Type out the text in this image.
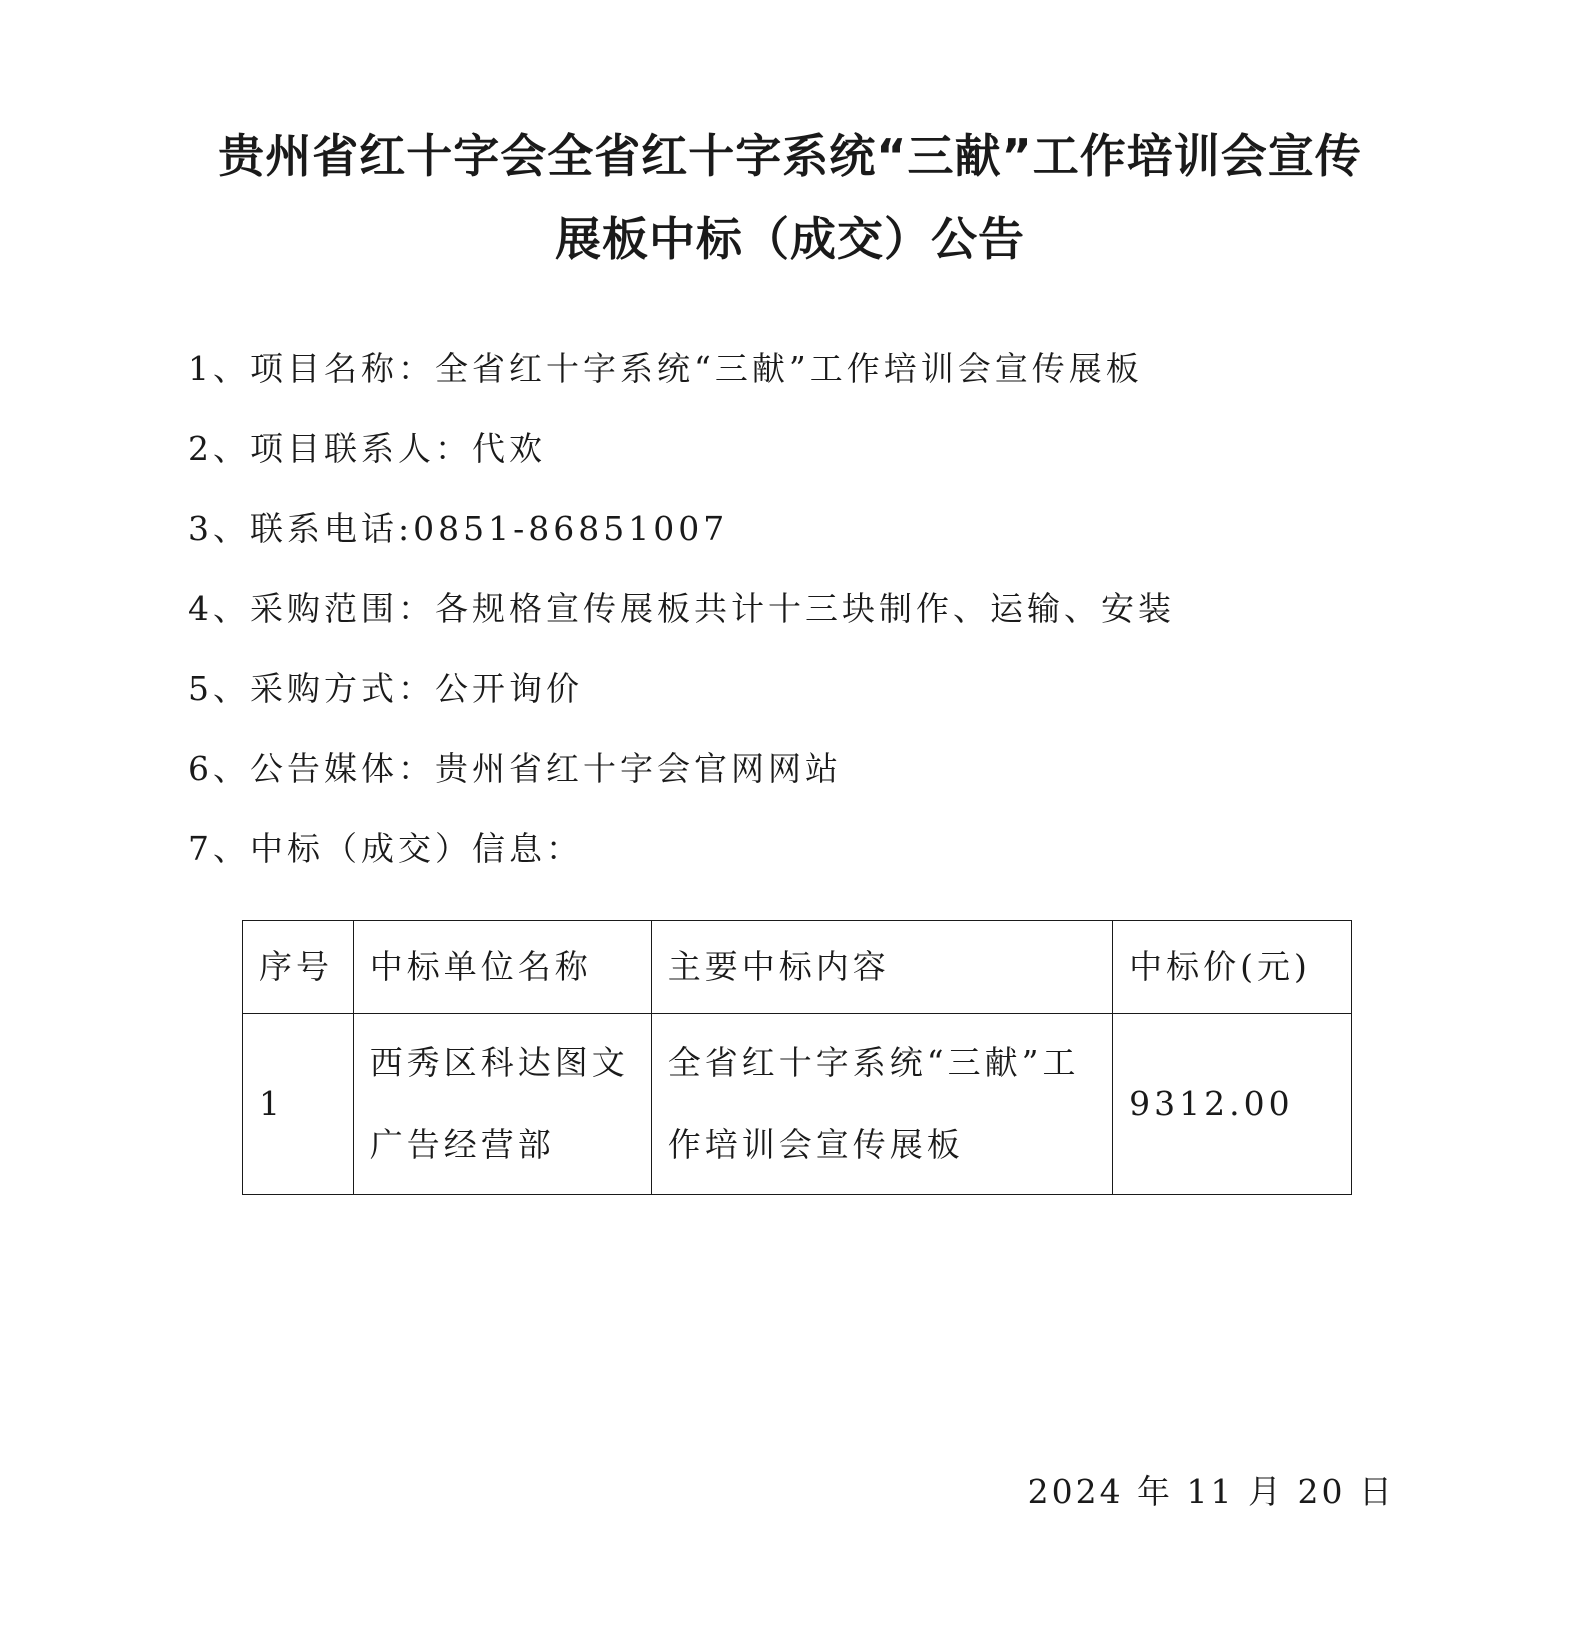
贵州省红十字会全省红十字系统“三献”工作培训会宣传
展板中标（成交）公告
1、项目名称：全省红十字系统“三献”工作培训会宣传展板
2、项目联系人：代欢
3、联系电话:0851-86851007
4、采购范围：各规格宣传展板共计十三块制作、运输、安装
5、采购方式：公开询价
6、公告媒体：贵州省红十字会官网网站
7、中标（成交）信息：
序号	中标单位名称	主要中标内容	中标价(元)
1	西秀区科达图文广告经营部	全省红十字系统“三献”工作培训会宣传展板	9312.00
2024 年 11 月 20 日
